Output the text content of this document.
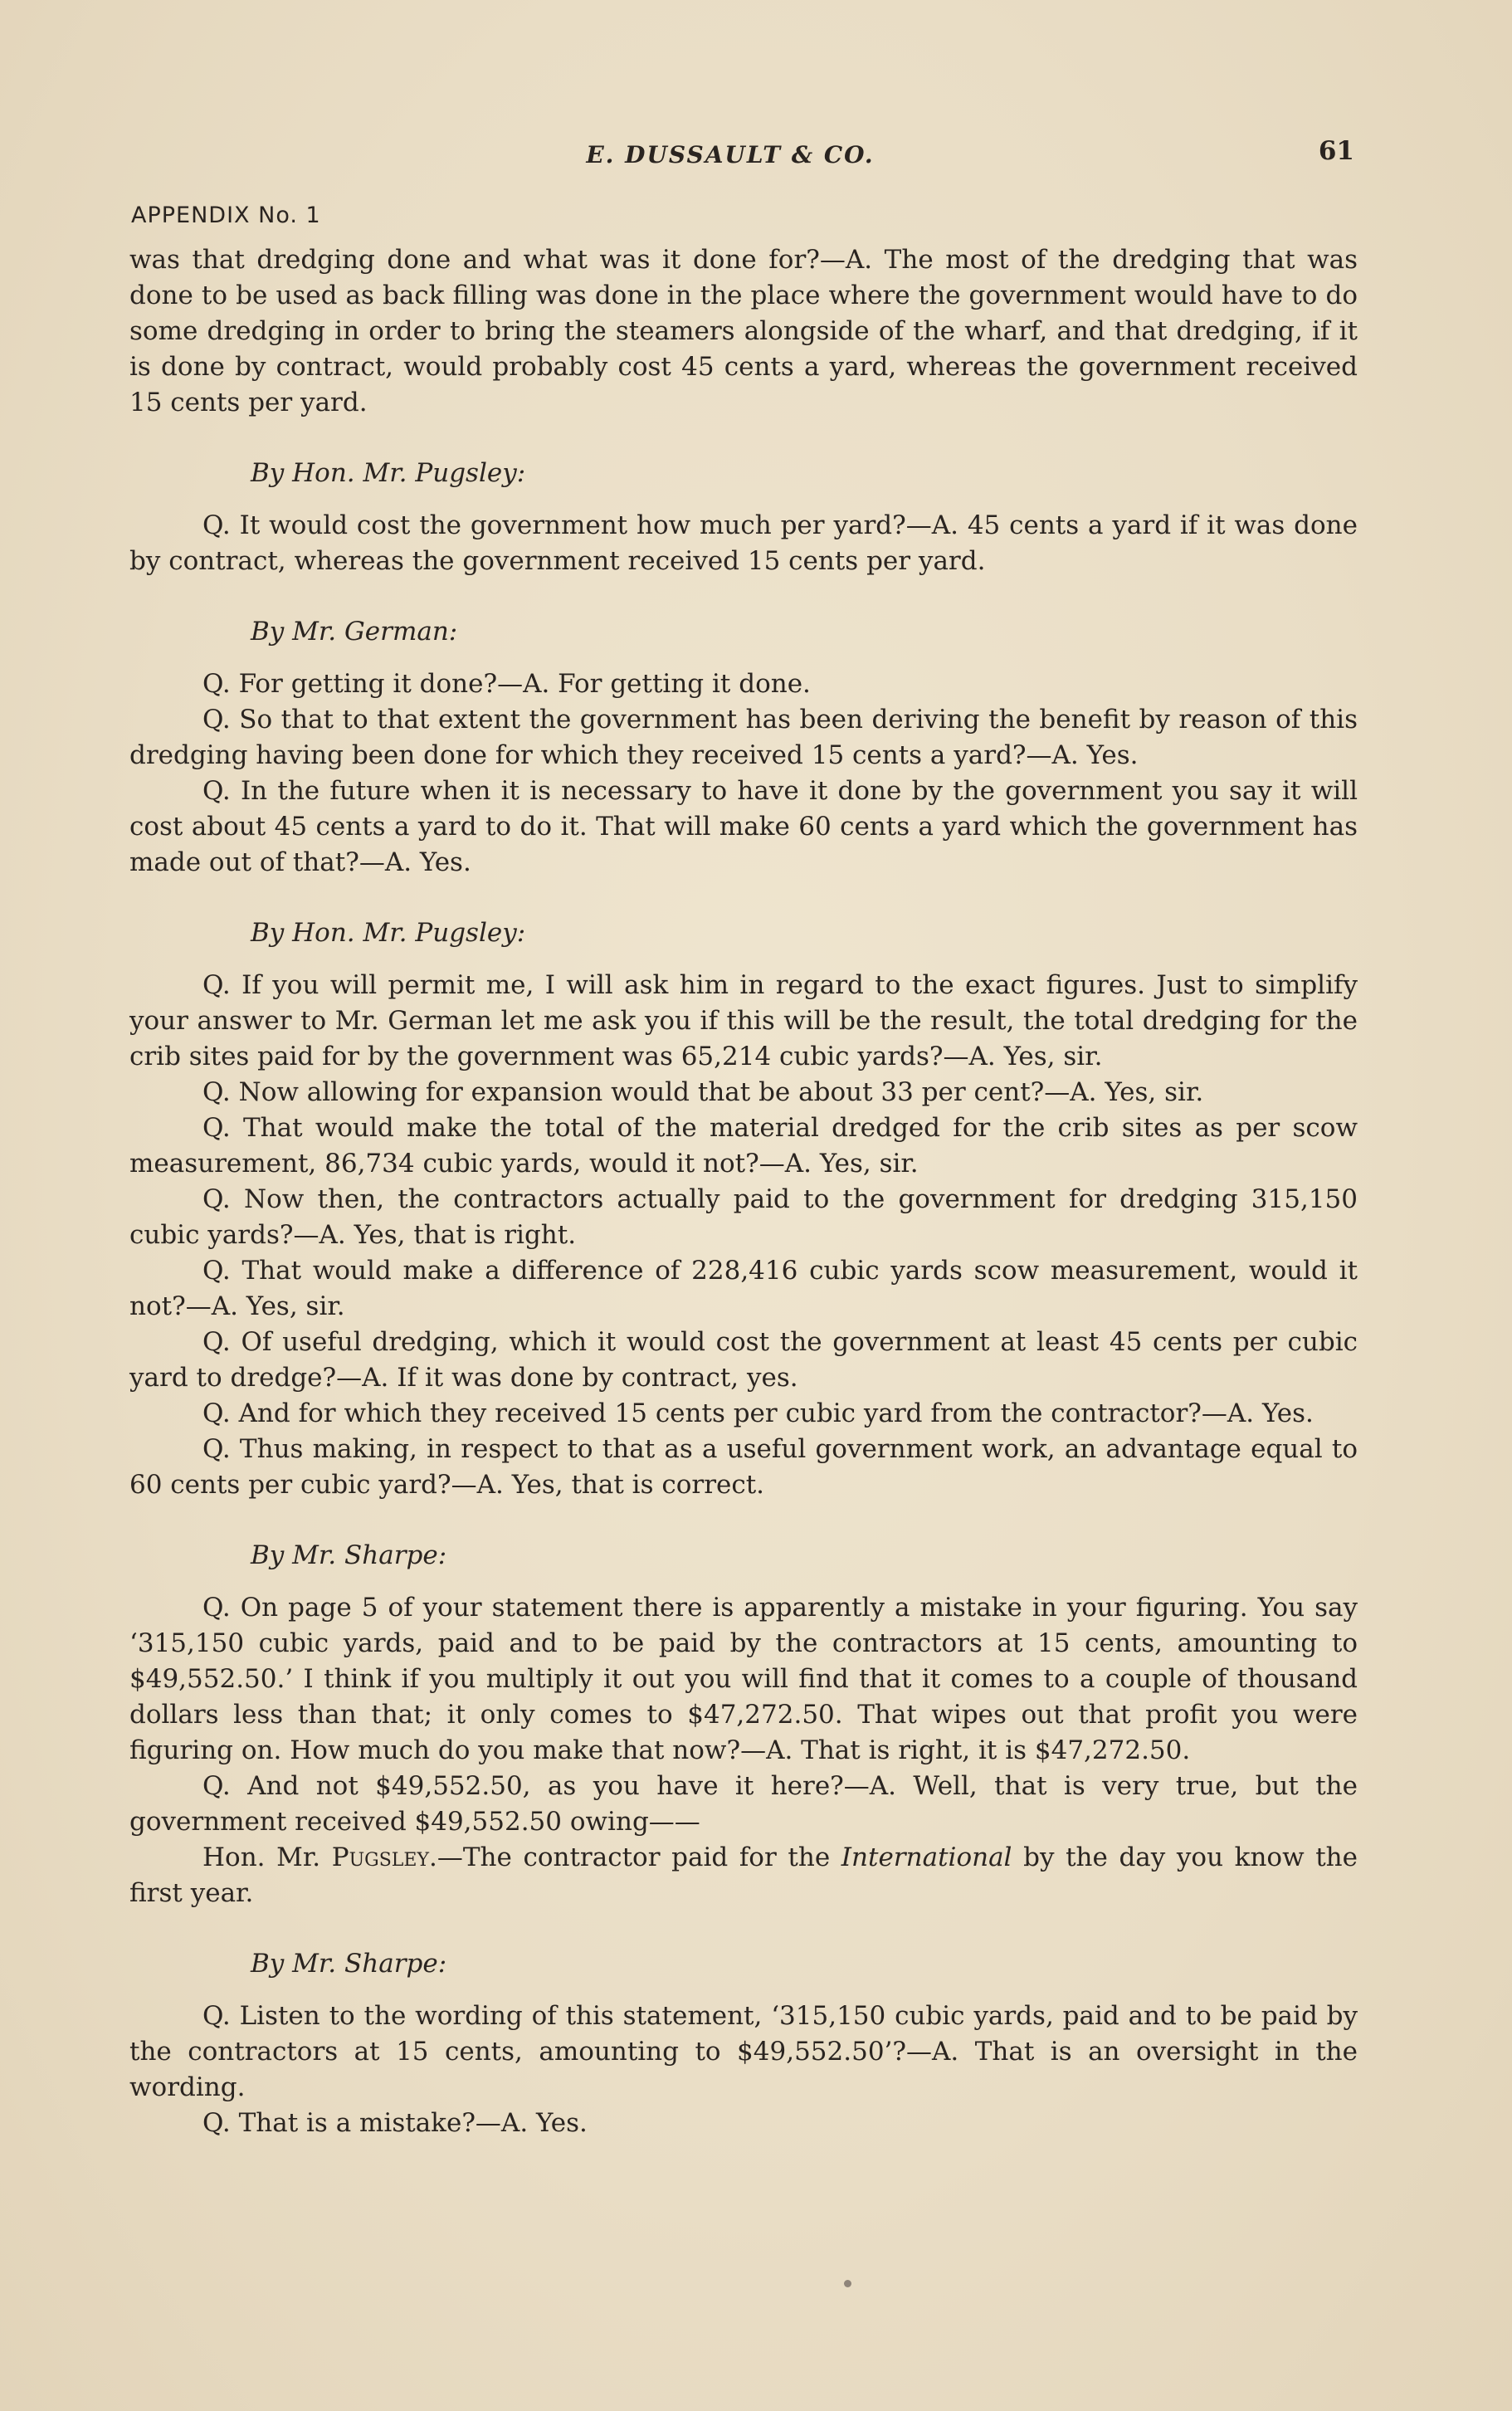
E. DUSSAULT & CO.	61
APPENDIX No. 1

was that dredging done and what was it done for?—A. The most of the dredging that was done to be used as back filling was done in the place where the government would have to do some dredging in order to bring the steamers alongside of the wharf, and that dredging, if it is done by contract, would probably cost 45 cents a yard, whereas the government received 15 cents per yard.

By Hon. Mr. Pugsley:

Q. It would cost the government how much per yard?—A. 45 cents a yard if it was done by contract, whereas the government received 15 cents per yard.

By Mr. German:

Q. For getting it done?—A. For getting it done.

Q. So that to that extent the government has been deriving the benefit by reason of this dredging having been done for which they received 15 cents a yard?—A. Yes.

Q. In the future when it is necessary to have it done by the government you say it will cost about 45 cents a yard to do it. That will make 60 cents a yard which the government has made out of that?—A. Yes.

By Hon. Mr. Pugsley:

Q. If you will permit me, I will ask him in regard to the exact figures. Just to simplify your answer to Mr. German let me ask you if this will be the result, the total dredging for the crib sites paid for by the government was 65,214 cubic yards?—A. Yes, sir.

Q. Now allowing for expansion would that be about 33 per cent?—A. Yes, sir.

Q. That would make the total of the material dredged for the crib sites as per scow measurement, 86,734 cubic yards, would it not?—A. Yes, sir.

Q. Now then, the contractors actually paid to the government for dredging 315,150 cubic yards?—A. Yes, that is right.

Q. That would make a difference of 228,416 cubic yards scow measurement, would it not?—A. Yes, sir.

Q. Of useful dredging, which it would cost the government at least 45 cents per cubic yard to dredge?—A. If it was done by contract, yes.

Q. And for which they received 15 cents per cubic yard from the contractor?—A. Yes.

Q. Thus making, in respect to that as a useful government work, an advantage equal to 60 cents per cubic yard?—A. Yes, that is correct.

By Mr. Sharpe:

Q. On page 5 of your statement there is apparently a mistake in your figuring. You say ‘315,150 cubic yards, paid and to be paid by the contractors at 15 cents, amounting to $49,552.50.’ I think if you multiply it out you will find that it comes to a couple of thousand dollars less than that; it only comes to $47,272.50. That wipes out that profit you were figuring on. How much do you make that now?—A. That is right, it is $47,272.50.

Q. And not $49,552.50, as you have it here?—A. Well, that is very true, but the government received $49,552.50 owing——

Hon. Mr. Pugsley.—The contractor paid for the International by the day you know the first year.

By Mr. Sharpe:

Q. Listen to the wording of this statement, ‘315,150 cubic yards, paid and to be paid by the contractors at 15 cents, amounting to $49,552.50’?—A. That is an oversight in the wording.

Q. That is a mistake?—A. Yes.
